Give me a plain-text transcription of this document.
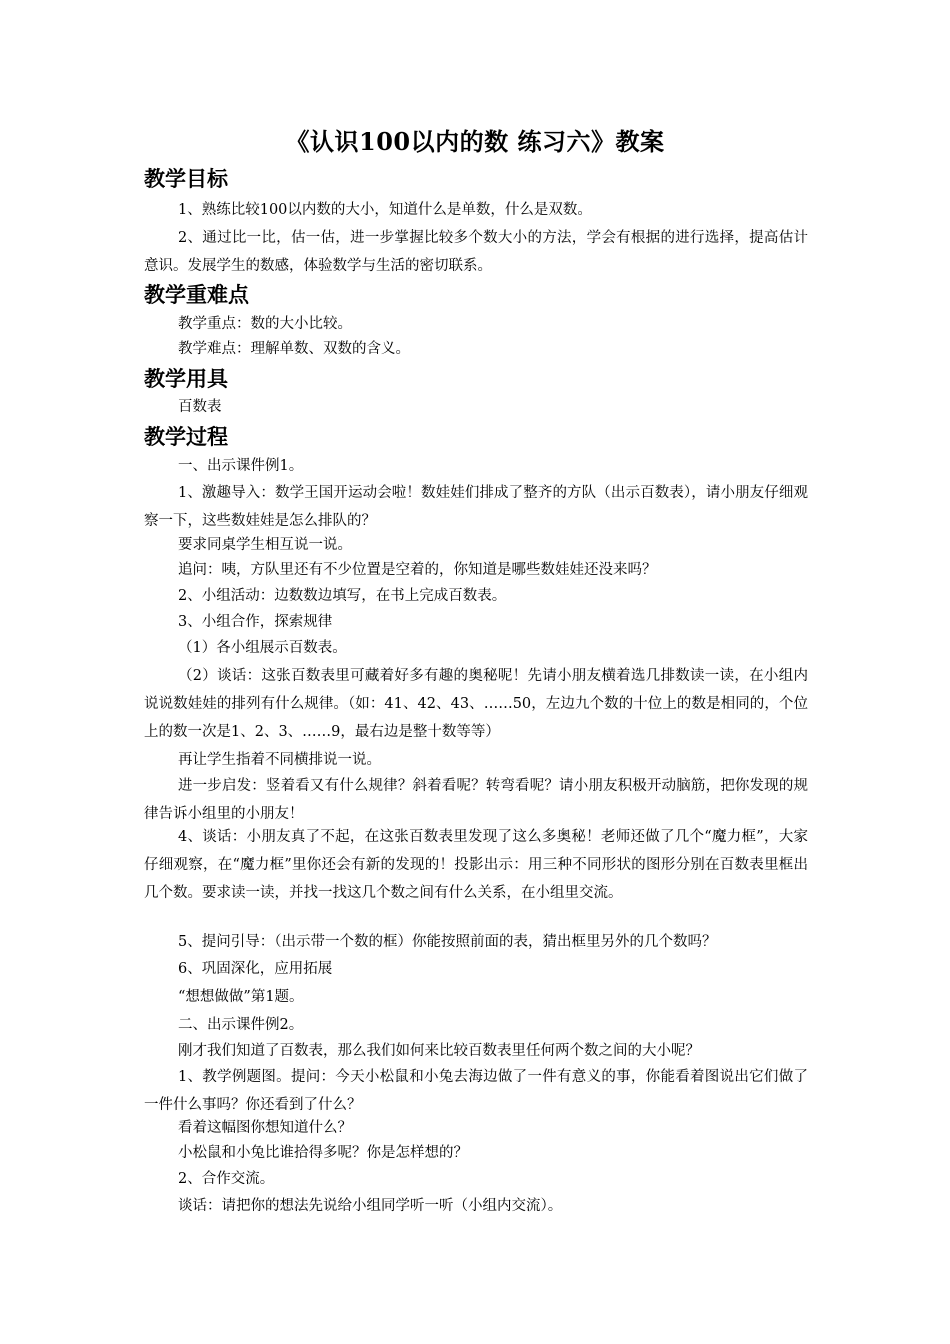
《认识100以内的数 练习六》教案
教学目标
1、熟练比较100以内数的大小，知道什么是单数，什么是双数。
2、通过比一比，估一估，进一步掌握比较多个数大小的方法，学会有根据的进行选择，提高估计意识。发展学生的数感，体验数学与生活的密切联系。
教学重难点
教学重点：数的大小比较。
教学难点：理解单数、双数的含义。
教学用具
百数表
教学过程
一、出示课件例1。
1、激趣导入：数学王国开运动会啦！数娃娃们排成了整齐的方队（出示百数表），请小朋友仔细观察一下，这些数娃娃是怎么排队的？
要求同桌学生相互说一说。
追问：咦，方队里还有不少位置是空着的，你知道是哪些数娃娃还没来吗？
2、小组活动：边数数边填写，在书上完成百数表。
3、小组合作，探索规律
（1）各小组展示百数表。
（2）谈话：这张百数表里可藏着好多有趣的奥秘呢！先请小朋友横着选几排数读一读，在小组内说说数娃娃的排列有什么规律。（如：41、42、43、……50，左边九个数的十位上的数是相同的，个位上的数一次是1、2、3、……9，最右边是整十数等等）
再让学生指着不同横排说一说。
进一步启发：竖着看又有什么规律？斜着看呢？转弯看呢？请小朋友积极开动脑筋，把你发现的规律告诉小组里的小朋友！
4、谈话：小朋友真了不起，在这张百数表里发现了这么多奥秘！老师还做了几个“魔力框”，大家仔细观察，在“魔力框”里你还会有新的发现的！投影出示：用三种不同形状的图形分别在百数表里框出几个数。要求读一读，并找一找这几个数之间有什么关系，在小组里交流。
5、提问引导：（出示带一个数的框）你能按照前面的表，猜出框里另外的几个数吗？
6、巩固深化，应用拓展
“想想做做”第1题。
二、出示课件例2。
刚才我们知道了百数表，那么我们如何来比较百数表里任何两个数之间的大小呢？
1、教学例题图。提问：今天小松鼠和小兔去海边做了一件有意义的事，你能看着图说出它们做了一件什么事吗？你还看到了什么？
看着这幅图你想知道什么？
小松鼠和小兔比谁拾得多呢？你是怎样想的？
2、合作交流。
谈话：请把你的想法先说给小组同学听一听（小组内交流）。
